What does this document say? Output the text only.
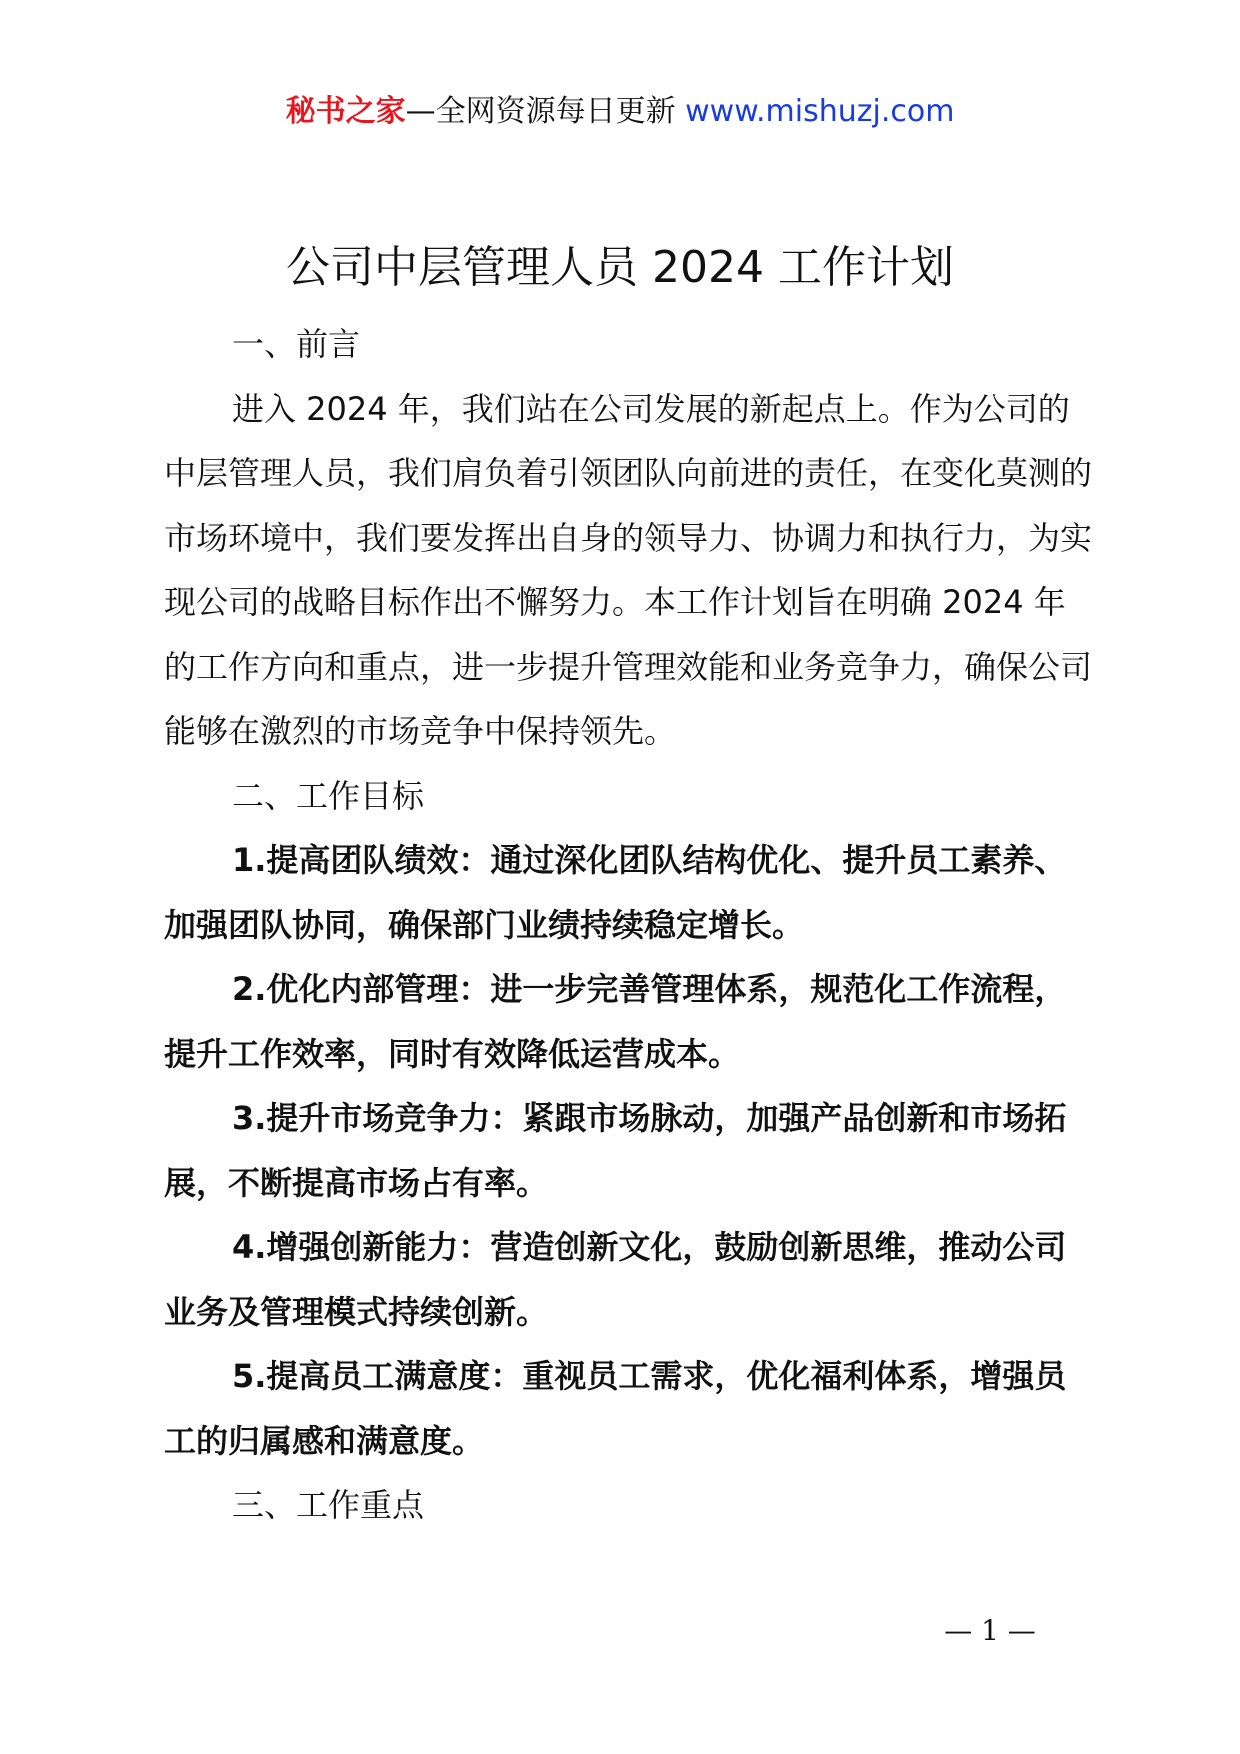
秘书之家—全网资源每日更新 www.mishuzj.com
公司中层管理人员 2024 工作计划

一、前言

进入 2024 年，我们站在公司发展的新起点上。作为公司的中层管理人员，我们肩负着引领团队向前进的责任，在变化莫测的市场环境中，我们要发挥出自身的领导力、协调力和执行力，为实现公司的战略目标作出不懈努力。本工作计划旨在明确 2024 年的工作方向和重点，进一步提升管理效能和业务竞争力，确保公司能够在激烈的市场竞争中保持领先。

二、工作目标

1.提高团队绩效：通过深化团队结构优化、提升员工素养、加强团队协同，确保部门业绩持续稳定增长。

2.优化内部管理：进一步完善管理体系，规范化工作流程，提升工作效率，同时有效降低运营成本。

3.提升市场竞争力：紧跟市场脉动，加强产品创新和市场拓展，不断提高市场占有率。

4.增强创新能力：营造创新文化，鼓励创新思维，推动公司业务及管理模式持续创新。

5.提高员工满意度：重视员工需求，优化福利体系，增强员工的归属感和满意度。

三、工作重点

— 1 —
